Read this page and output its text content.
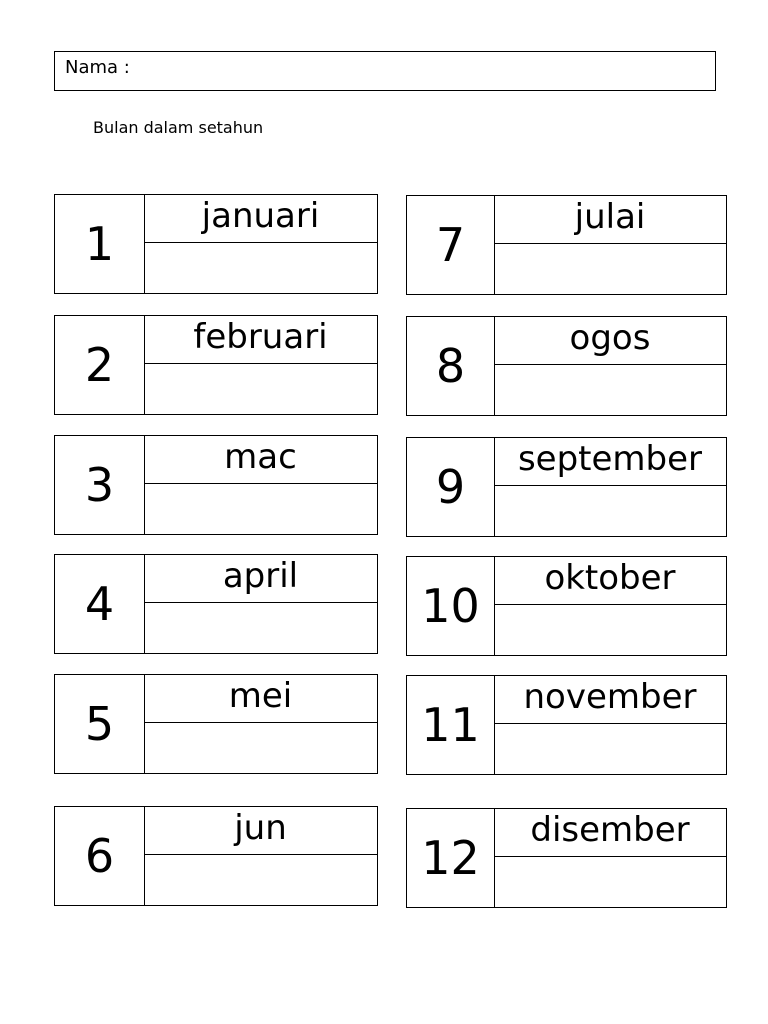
Nama :
Bulan dalam setahun
1
januari
2
februari
3
mac
4
april
5
mei
6
jun
7
julai
8
ogos
9
september
10
oktober
11
november
12
disember
